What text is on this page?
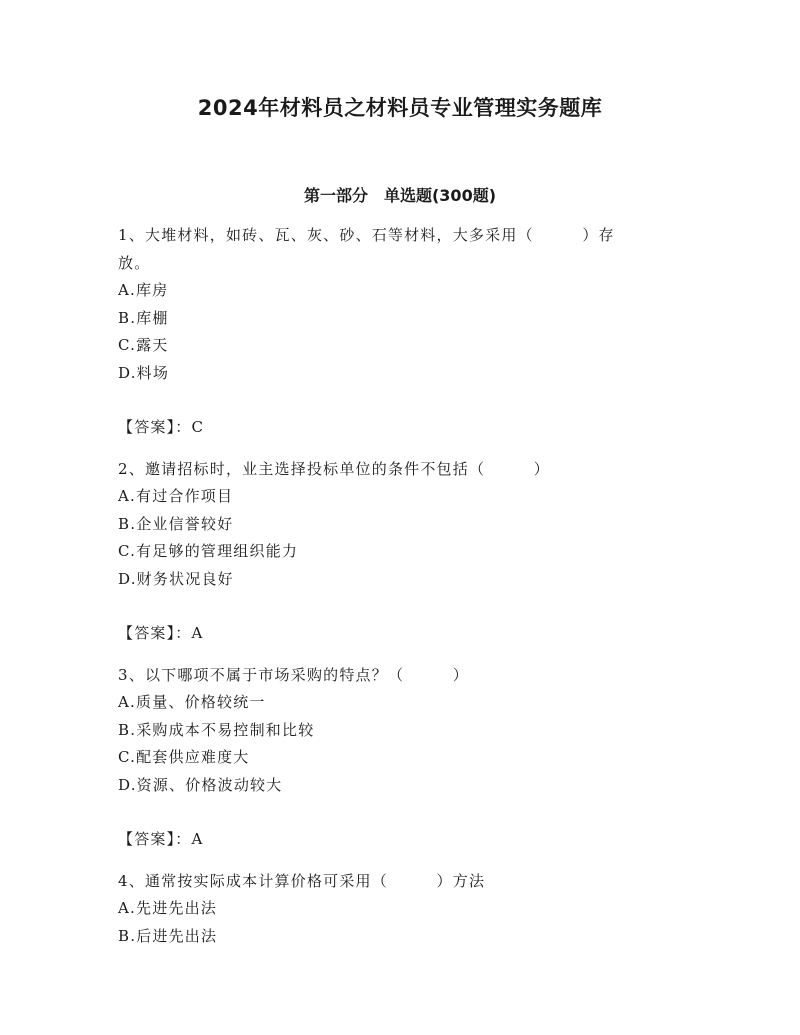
2024年材料员之材料员专业管理实务题库
第一部分　单选题(300题)
1、大堆材料，如砖、瓦、灰、砂、石等材料，大多采用（　　　）存
放。
A.库房
B.库棚
C.露天
D.料场
【答案】：C
2、邀请招标时，业主选择投标单位的条件不包括（　　　）
A.有过合作项目
B.企业信誉较好
C.有足够的管理组织能力
D.财务状况良好
【答案】：A
3、以下哪项不属于市场采购的特点？（　　　）
A.质量、价格较统一
B.采购成本不易控制和比较
C.配套供应难度大
D.资源、价格波动较大
【答案】：A
4、通常按实际成本计算价格可采用（　　　）方法
A.先进先出法
B.后进先出法
